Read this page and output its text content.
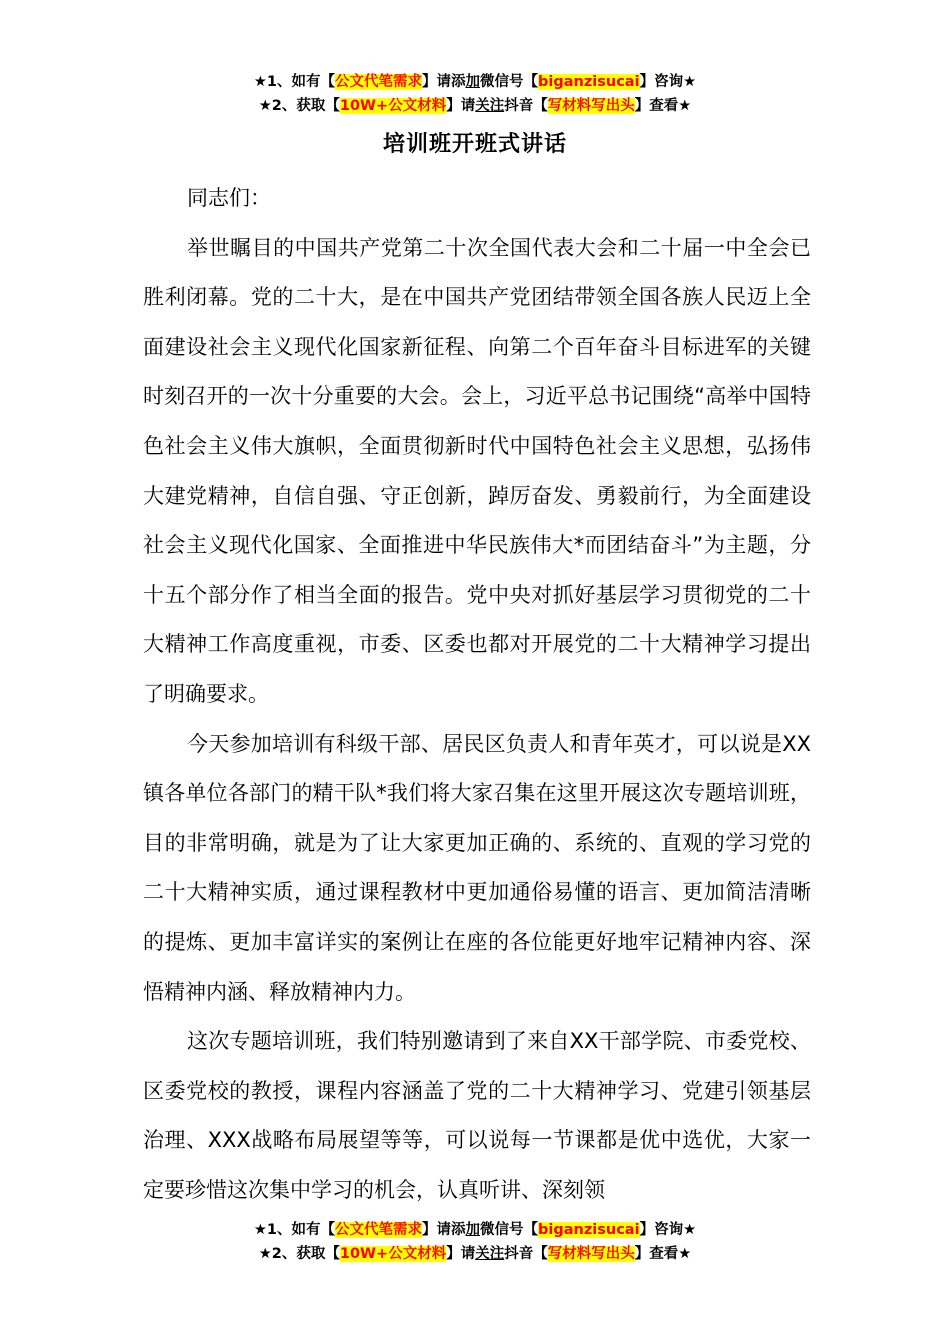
★1、如有【公文代笔需求】请添加微信号【biganzisucai】咨询★
★2、获取【10W+公文材料】请关注抖音【写材料写出头】查看★
培训班开班式讲话

同志们：

举世瞩目的中国共产党第二十次全国代表大会和二十届一中全会已胜利闭幕。党的二十大，是在中国共产党团结带领全国各族人民迈上全面建设社会主义现代化国家新征程、向第二个百年奋斗目标进军的关键时刻召开的一次十分重要的大会。会上，习近平总书记围绕“高举中国特色社会主义伟大旗帜，全面贯彻新时代中国特色社会主义思想，弘扬伟大建党精神，自信自强、守正创新，踔厉奋发、勇毅前行，为全面建设社会主义现代化国家、全面推进中华民族伟大*而团结奋斗”为主题，分十五个部分作了相当全面的报告。党中央对抓好基层学习贯彻党的二十大精神工作高度重视，市委、区委也都对开展党的二十大精神学习提出了明确要求。

今天参加培训有科级干部、居民区负责人和青年英才，可以说是XX镇各单位各部门的精干队*我们将大家召集在这里开展这次专题培训班，目的非常明确，就是为了让大家更加正确的、系统的、直观的学习党的二十大精神实质，通过课程教材中更加通俗易懂的语言、更加简洁清晰的提炼、更加丰富详实的案例让在座的各位能更好地牢记精神内容、深悟精神内涵、释放精神内力。

这次专题培训班，我们特别邀请到了来自XX干部学院、市委党校、区委党校的教授，课程内容涵盖了党的二十大精神学习、党建引领基层治理、XXX战略布局展望等等，可以说每一节课都是优中选优，大家一定要珍惜这次集中学习的机会，认真听讲、深刻领

★1、如有【公文代笔需求】请添加微信号【biganzisucai】咨询★
★2、获取【10W+公文材料】请关注抖音【写材料写出头】查看★
